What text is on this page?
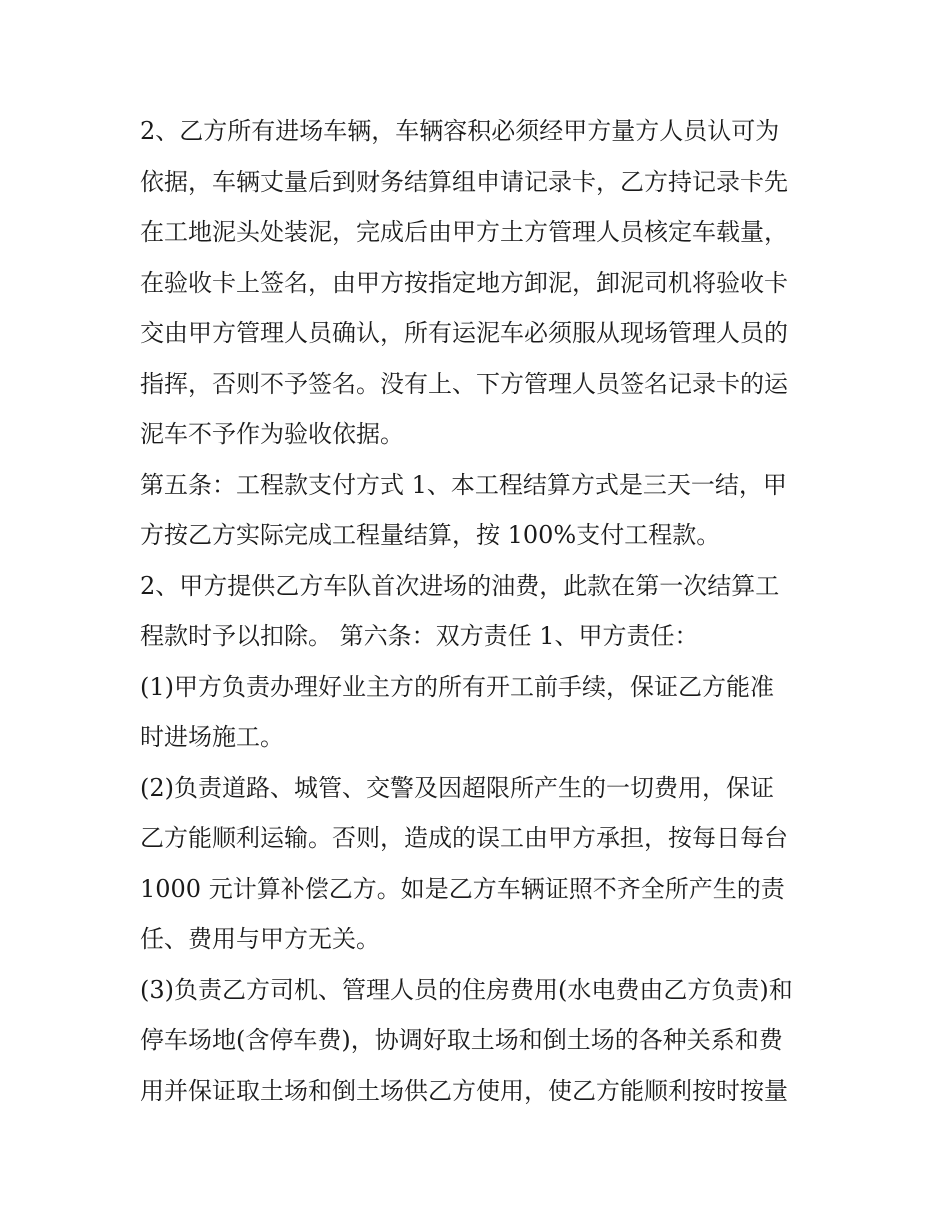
2、乙方所有进场车辆，车辆容积必须经甲方量方人员认可为
依据，车辆丈量后到财务结算组申请记录卡，乙方持记录卡先
在工地泥头处装泥，完成后由甲方土方管理人员核定车载量，
在验收卡上签名，由甲方按指定地方卸泥，卸泥司机将验收卡
交由甲方管理人员确认，所有运泥车必须服从现场管理人员的
指挥，否则不予签名。没有上、下方管理人员签名记录卡的运
泥车不予作为验收依据。
第五条：工程款支付方式 1、本工程结算方式是三天一结，甲
方按乙方实际完成工程量结算，按 100%支付工程款。
2、甲方提供乙方车队首次进场的油费，此款在第一次结算工
程款时予以扣除。 第六条：双方责任 1、甲方责任：
(1)甲方负责办理好业主方的所有开工前手续，保证乙方能准
时进场施工。
(2)负责道路、城管、交警及因超限所产生的一切费用，保证
乙方能顺利运输。否则，造成的误工由甲方承担，按每日每台
1000 元计算补偿乙方。如是乙方车辆证照不齐全所产生的责
任、费用与甲方无关。
(3)负责乙方司机、管理人员的住房费用(水电费由乙方负责)和
停车场地(含停车费)，协调好取土场和倒土场的各种关系和费
用并保证取土场和倒土场供乙方使用，使乙方能顺利按时按量
